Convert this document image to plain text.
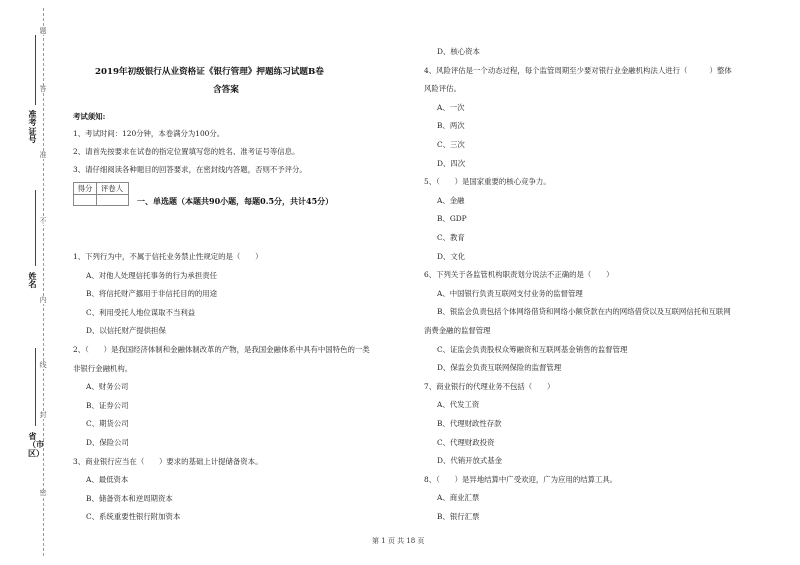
题
答
不
内
线
封
密
准考证号
姓名
省（市区）
2019年初级银行从业资格证《银行管理》押题练习试题B卷
含答案
考试须知:
1、考试时间：120分钟，本卷满分为100分。
2、请首先按要求在试卷的指定位置填写您的姓名、准考证号等信息。
3、请仔细阅读各种题目的回答要求，在密封线内答题，否则不予评分。
得分	评卷人
一、单选题（本题共90小题，每题0.5分，共计45分）
1、下列行为中，不属于信托业务禁止性规定的是（　　）
A、对他人处理信托事务的行为承担责任
B、将信托财产挪用于非信托目的的用途
C、利用受托人地位谋取不当利益
D、以信托财产提供担保
2、（　　）是我国经济体制和金融体制改革的产物，是我国金融体系中具有中国特色的一类
非银行金融机构。
A、财务公司
B、证券公司
C、期货公司
D、保险公司
3、商业银行应当在（　　）要求的基础上计提储备资本。
A、最低资本
B、储备资本和逆周期资本
C、系统重要性银行附加资本
D、核心资本
4、风险评估是一个动态过程，每个监管周期至少要对银行业金融机构法人进行（　　　）整体
风险评估。
A、一次
B、两次
C、三次
D、四次
5、（　　）是国家重要的核心竞争力。
A、金融
B、GDP
C、教育
D、文化
6、下列关于各监管机构职责划分说法不正确的是（　　）
A、中国银行负责互联网支付业务的监督管理
B、银监会负责包括个体网络借贷和网络小额贷款在内的网络借贷以及互联网信托和互联网
消费金融的监督管理
C、证监会负责股权众筹融资和互联网基金销售的监督管理
D、保监会负责互联网保险的监督管理
7、商业银行的代理业务不包括（　　）
A、代发工资
B、代理财政性存款
C、代理财政投资
D、代销开放式基金
8、（　　）是异地结算中广受欢迎，广为应用的结算工具。
A、商业汇票
B、银行汇票
第 1 页 共 18 页
准
